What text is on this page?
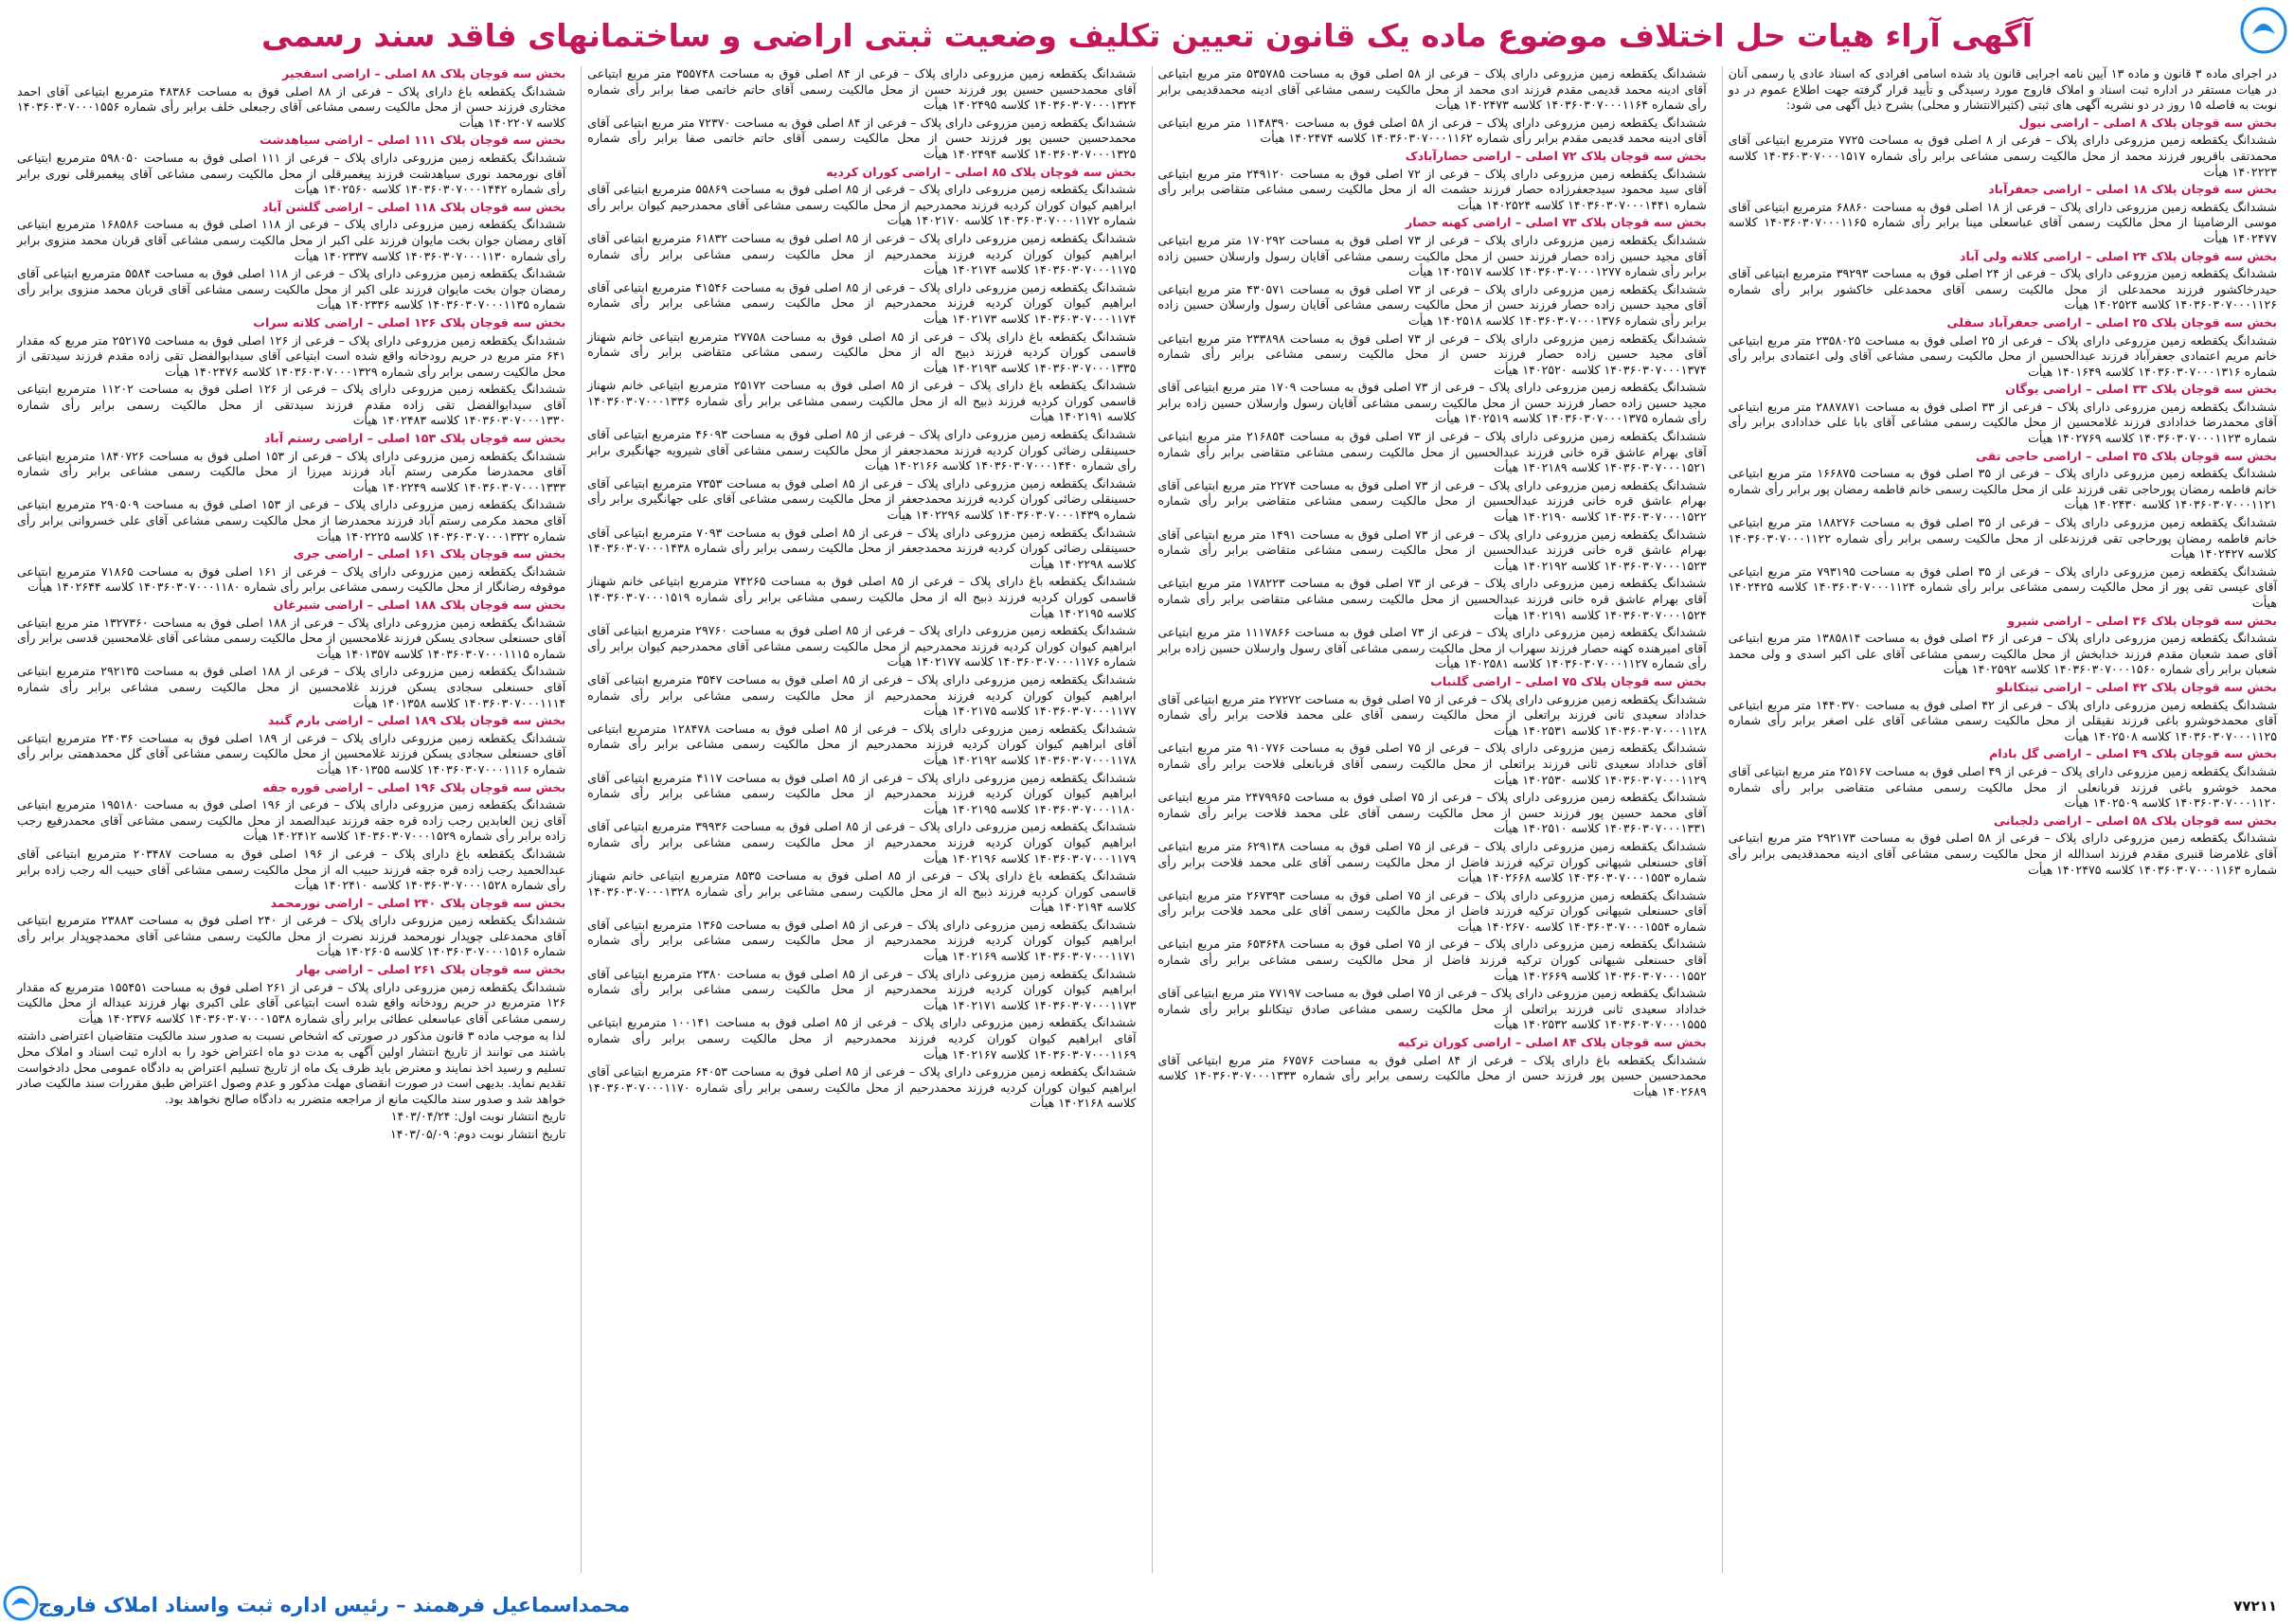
آگهی آراء هیات حل اختلاف موضوع ماده یک قانون تعیین تکلیف وضعیت ثبتی اراضی و ساختمانهای فاقد سند رسمی

در اجرای ماده ۳ قانون و ماده ۱۳ آیین نامه اجرایی قانون یاد شده اسامی افرادی که اسناد عادی یا رسمی آنان در هیات مستقر در اداره ثبت اسناد و املاک فاروج مورد رسیدگی و تأیید قرار گرفته جهت اطلاع عموم در دو نوبت به فاصله ۱۵ روز در دو نشریه آگهی های ثبتی (کثیرالانتشار و محلی) بشرح ذیل آگهی می شود:

بخش سه قوچان پلاک ۸ اصلی – اراضی نیول

ششدانگ یکقطعه زمین مزروعی دارای پلاک – فرعی از ۸ اصلی فوق به مساحت ۷۷۲۵ مترمربع ابتیاعی آقای محمدتقی باقرپور فرزند محمد از محل مالکیت رسمی مشاعی برابر رأی شماره ۱۴۰۳۶۰۳۰۷۰۰۰۱۵۱۷ کلاسه ۱۴۰۲۲۲۳ هیأت

بخش سه قوچان پلاک ۱۸ اصلی – اراضی جعفرآباد

ششدانگ یکقطعه زمین مزروعی دارای پلاک – فرعی از ۱۸ اصلی فوق به مساحت ۶۸۸۶۰ مترمربع ابتیاعی آقای موسی الرضامینا از محل مالکیت رسمی آقای عباسعلی مینا برابر رأی شماره ۱۴۰۳۶۰۳۰۷۰۰۰۱۱۶۵ کلاسه ۱۴۰۲۴۷۷ هیأت

بخش سه قوچان پلاک ۲۴ اصلی – اراضی کلاته ولی آباد

ششدانگ یکقطعه زمین مزروعی دارای پلاک – فرعی از ۲۴ اصلی فوق به مساحت ۳۹۲۹۳ مترمربع ابتیاعی آقای حیدرخاکشور فرزند محمدعلی از محل مالکیت رسمی آقای محمدعلی خاکشور برابر رأی شماره ۱۴۰۳۶۰۳۰۷۰۰۰۱۱۲۶ کلاسه ۱۴۰۲۵۲۴ هیأت

بخش سه قوچان پلاک ۲۵ اصلی – اراضی جعفرآباد سفلی

ششدانگ یکقطعه زمین مزروعی دارای پلاک – فرعی از ۲۵ اصلی فوق به مساحت ۲۳۵۸۰۲۵ متر مربع ابتیاعی خانم مریم اعتمادی جعفرآباد فرزند عبدالحسین از محل مالکیت رسمی مشاعی آقای ولی اعتمادی برابر رأی شماره ۱۴۰۳۶۰۳۰۷۰۰۰۱۳۱۶ کلاسه ۱۴۰۱۶۴۹ هیأت

بخش سه قوچان پلاک ۳۳ اصلی – اراضی یوگان

ششدانگ یکقطعه زمین مزروعی دارای پلاک – فرعی از ۳۳ اصلی فوق به مساحت ۲۸۸۷۸۷۱ متر مربع ابتیاعی آقای محمدرضا خدادادی فرزند غلامحسین از محل مالکیت رسمی مشاعی آقای بابا علی خدادادی برابر رأی شماره ۱۴۰۳۶۰۳۰۷۰۰۰۱۱۲۳ کلاسه ۱۴۰۲۷۶۹ هیأت

بخش سه قوچان پلاک ۳۵ اصلی – اراضی حاجی تقی

ششدانگ یکقطعه زمین مزروعی دارای پلاک – فرعی از ۳۵ اصلی فوق به مساحت ۱۶۶۸۷۵ متر مربع ابتیاعی خانم فاطمه رمضان پورحاجی تقی فرزند علی از محل مالکیت رسمی خانم فاطمه رمضان پور برابر رأی شماره ۱۴۰۳۶۰۳۰۷۰۰۰۱۱۲۱ کلاسه ۱۴۰۲۴۳۰ هیأت

ششدانگ یکقطعه زمین مزروعی دارای پلاک – فرعی از ۳۵ اصلی فوق به مساحت ۱۸۸۲۷۶ متر مربع ابتیاعی خانم فاطمه رمضان پورحاجی تقی فرزندعلی از محل مالکیت رسمی برابر رأی شماره ۱۴۰۳۶۰۳۰۷۰۰۰۱۱۲۲ کلاسه ۱۴۰۲۴۲۷ هیأت

ششدانگ یکقطعه زمین مزروعی دارای پلاک – فرعی از ۳۵ اصلی فوق به مساحت ۷۹۳۱۹۵ متر مربع ابتیاعی آقای عیسی تقی پور از محل مالکیت رسمی مشاعی برابر رأی شماره ۱۴۰۳۶۰۳۰۷۰۰۰۱۱۲۴ کلاسه ۱۴۰۲۴۲۵ هیأت

بخش سه قوچان پلاک ۳۶ اصلی – اراضی شیرو

ششدانگ یکقطعه زمین مزروعی دارای پلاک – فرعی از ۳۶ اصلی فوق به مساحت ۱۳۸۵۸۱۴ متر مربع ابتیاعی آقای صمد شعبان مقدم فرزند خدابخش از محل مالکیت رسمی مشاعی آقای علی اکبر اسدی و ولی محمد شعبان برابر رأی شماره ۱۴۰۳۶۰۳۰۷۰۰۰۱۵۶۰ کلاسه ۱۴۰۲۵۹۲ هیأت

بخش سه قوچان پلاک ۴۲ اصلی – اراضی تیتکانلو

ششدانگ یکقطعه زمین مزروعی دارای پلاک – فرعی از ۴۲ اصلی فوق به مساحت ۱۴۴۰۳۷۰ متر مربع ابتیاعی آقای محمدخوشرو باغی فرزند نقیقلی از محل مالکیت رسمی مشاعی آقای علی اصغر برابر رأی شماره ۱۴۰۳۶۰۳۰۷۰۰۰۱۱۲۵ کلاسه ۱۴۰۲۵۰۸ هیأت

بخش سه قوچان پلاک ۴۹ اصلی – اراضی گل بادام

ششدانگ یکقطعه زمین مزروعی دارای پلاک – فرعی از ۴۹ اصلی فوق به مساحت ۲۵۱۶۷ متر مربع ابتیاعی آقای محمد خوشرو باغی فرزند قربانعلی از محل مالکیت رسمی مشاعی متقاضی برابر رأی شماره ۱۴۰۳۶۰۳۰۷۰۰۰۱۱۲۰ کلاسه ۱۴۰۲۵۰۹ هیأت

بخش سه قوچان پلاک ۵۸ اصلی – اراضی دلجبانی

ششدانگ یکقطعه زمین مزروعی دارای پلاک – فرعی از ۵۸ اصلی فوق به مساحت ۲۹۲۱۷۳ متر مربع ابتیاعی آقای غلامرضا قنبری مقدم فرزند اسدالله از محل مالکیت رسمی مشاعی آقای ادینه محمدقدیمی برابر رأی شماره ۱۴۰۳۶۰۳۰۷۰۰۰۱۱۶۳ کلاسه ۱۴۰۲۴۷۵ هیأت

ششدانگ یکقطعه زمین مزروعی دارای پلاک – فرعی از ۵۸ اصلی فوق به مساحت ۵۳۵۷۸۵ متر مربع ابتیاعی آقای ادینه محمد قدیمی مقدم فرزند ادی محمد از محل مالکیت رسمی مشاعی آقای ادینه محمدقدیمی برابر رأی شماره ۱۴۰۳۶۰۳۰۷۰۰۰۱۱۶۴ کلاسه ۱۴۰۲۴۷۳ هیأت

ششدانگ یکقطعه زمین مزروعی دارای پلاک – فرعی از ۵۸ اصلی فوق به مساحت ۱۱۴۸۳۹۰ متر مربع ابتیاعی آقای ادینه محمد قدیمی مقدم برابر رأی شماره ۱۴۰۳۶۰۳۰۷۰۰۰۱۱۶۲ کلاسه ۱۴۰۲۴۷۴ هیأت

بخش سه قوچان پلاک ۷۲ اصلی – اراضی حصارآبادک

ششدانگ یکقطعه زمین مزروعی دارای پلاک – فرعی از ۷۲ اصلی فوق به مساحت ۲۴۹۱۲۰ متر مربع ابتیاعی آقای سید محمود سیدجعفرزاده حصار فرزند حشمت اله از محل مالکیت رسمی مشاعی متقاضی برابر رأی شماره ۱۴۰۳۶۰۳۰۷۰۰۰۱۴۴۱ کلاسه ۱۴۰۲۵۲۴ هیأت

بخش سه قوچان پلاک ۷۳ اصلی – اراضی کهنه حصار

ششدانگ یکقطعه زمین مزروعی دارای پلاک – فرعی از ۷۳ اصلی فوق به مساحت ۱۷۰۲۹۲ متر مربع ابتیاعی آقای مجید حسین زاده حصار فرزند حسن از محل مالکیت رسمی مشاعی آقایان رسول وارسلان حسین زاده برابر رأی شماره ۱۴۰۳۶۰۳۰۷۰۰۰۱۲۷۷ کلاسه ۱۴۰۲۵۱۷ هیأت

ششدانگ یکقطعه زمین مزروعی دارای پلاک – فرعی از ۷۳ اصلی فوق به مساحت ۴۳۰۵۷۱ متر مربع ابتیاعی آقای مجید حسین زاده حصار فرزند حسن از محل مالکیت رسمی مشاعی آقایان رسول وارسلان حسین زاده برابر رأی شماره ۱۴۰۳۶۰۳۰۷۰۰۰۱۳۷۶ کلاسه ۱۴۰۲۵۱۸ هیأت

ششدانگ یکقطعه زمین مزروعی دارای پلاک – فرعی از ۷۳ اصلی فوق به مساحت ۲۳۳۸۹۸ متر مربع ابتیاعی آقای مجید حسین زاده حصار فرزند حسن از محل مالکیت رسمی مشاعی برابر رأی شماره ۱۴۰۳۶۰۳۰۷۰۰۰۱۳۷۴ کلاسه ۱۴۰۲۵۲۰ هیأت

ششدانگ یکقطعه زمین مزروعی دارای پلاک – فرعی از ۷۳ اصلی فوق به مساحت ۱۷۰۹ متر مربع ابتیاعی آقای مجید حسین زاده حصار فرزند حسن از محل مالکیت رسمی مشاعی آقایان رسول وارسلان حسین زاده برابر رأی شماره ۱۴۰۳۶۰۳۰۷۰۰۰۱۳۷۵ کلاسه ۱۴۰۲۵۱۹ هیأت

ششدانگ یکقطعه زمین مزروعی دارای پلاک – فرعی از ۷۳ اصلی فوق به مساحت ۲۱۶۸۵۴ متر مربع ابتیاعی آقای بهرام عاشق قره خانی فرزند عبدالحسین از محل مالکیت رسمی مشاعی متقاضی برابر رأی شماره ۱۴۰۳۶۰۳۰۷۰۰۰۱۵۲۱ کلاسه ۱۴۰۲۱۸۹ هیأت

ششدانگ یکقطعه زمین مزروعی دارای پلاک – فرعی از ۷۳ اصلی فوق به مساحت ۲۲۷۴ متر مربع ابتیاعی آقای بهرام عاشق قره خانی فرزند عبدالحسین از محل مالکیت رسمی مشاعی متقاضی برابر رأی شماره ۱۴۰۳۶۰۳۰۷۰۰۰۱۵۲۲ کلاسه ۱۴۰۲۱۹۰ هیأت

ششدانگ یکقطعه زمین مزروعی دارای پلاک – فرعی از ۷۳ اصلی فوق به مساحت ۱۴۹۱ متر مربع ابتیاعی آقای بهرام عاشق قره خانی فرزند عبدالحسین از محل مالکیت رسمی مشاعی متقاضی برابر رأی شماره ۱۴۰۳۶۰۳۰۷۰۰۰۱۵۲۳ کلاسه ۱۴۰۲۱۹۲ هیأت

ششدانگ یکقطعه زمین مزروعی دارای پلاک – فرعی از ۷۳ اصلی فوق به مساحت ۱۷۸۲۲۳ متر مربع ابتیاعی آقای بهرام عاشق قره خانی فرزند عبدالحسین از محل مالکیت رسمی مشاعی متقاضی برابر رأی شماره ۱۴۰۳۶۰۳۰۷۰۰۰۱۵۲۴ کلاسه ۱۴۰۲۱۹۱ هیأت

ششدانگ یکقطعه زمین مزروعی دارای پلاک – فرعی از ۷۳ اصلی فوق به مساحت ۱۱۱۷۸۶۶ متر مربع ابتیاعی آقای امیرهنده کهنه حصار فرزند سهراب از محل مالکیت رسمی مشاعی آقای رسول وارسلان حسین زاده برابر رأی شماره ۱۴۰۳۶۰۳۰۷۰۰۰۱۱۲۷ کلاسه ۱۴۰۲۵۸۱ هیأت

بخش سه قوچان پلاک ۷۵ اصلی – اراضی گلنباب

ششدانگ یکقطعه زمین مزروعی دارای پلاک – فرعی از ۷۵ اصلی فوق به مساحت ۲۷۲۷۲ متر مربع ابتیاعی آقای خداداد سعیدی ثانی فرزند براتعلی از محل مالکیت رسمی آقای علی محمد فلاحت برابر رأی شماره ۱۴۰۳۶۰۳۰۷۰۰۰۱۱۲۸ کلاسه ۱۴۰۲۵۳۱ هیأت

ششدانگ یکقطعه زمین مزروعی دارای پلاک – فرعی از ۷۵ اصلی فوق به مساحت ۹۱۰۷۷۶ متر مربع ابتیاعی آقای خداداد سعیدی ثانی فرزند براتعلی از محل مالکیت رسمی آقای قربانعلی فلاحت برابر رأی شماره ۱۴۰۳۶۰۳۰۷۰۰۰۱۱۲۹ کلاسه ۱۴۰۲۵۳۰ هیأت

ششدانگ یکقطعه زمین مزروعی دارای پلاک – فرعی از ۷۵ اصلی فوق به مساحت ۲۴۷۹۹۶۵ متر مربع ابتیاعی آقای محمد حسین پور فرزند حسن از محل مالکیت رسمی آقای علی محمد فلاحت برابر رأی شماره ۱۴۰۳۶۰۳۰۷۰۰۰۱۳۳۱ کلاسه ۱۴۰۲۵۱۰ هیأت

ششدانگ یکقطعه زمین مزروعی دارای پلاک – فرعی از ۷۵ اصلی فوق به مساحت ۶۲۹۱۳۸ متر مربع ابتیاعی آقای حسنعلی شیهانی کوران ترکیه فرزند فاضل از محل مالکیت رسمی آقای علی محمد فلاحت برابر رأی شماره ۱۴۰۳۶۰۳۰۷۰۰۰۱۵۵۳ کلاسه ۱۴۰۲۶۶۸ هیأت

ششدانگ یکقطعه زمین مزروعی دارای پلاک – فرعی از ۷۵ اصلی فوق به مساحت ۲۶۷۳۹۳ متر مربع ابتیاعی آقای حسنعلی شیهانی کوران ترکیه فرزند فاضل از محل مالکیت رسمی آقای علی محمد فلاحت برابر رأی شماره ۱۴۰۳۶۰۳۰۷۰۰۰۱۵۵۴ کلاسه ۱۴۰۲۶۷۰ هیأت

ششدانگ یکقطعه زمین مزروعی دارای پلاک – فرعی از ۷۵ اصلی فوق به مساحت ۶۵۳۶۴۸ متر مربع ابتیاعی آقای حسنعلی شیهانی کوران ترکیه فرزند فاضل از محل مالکیت رسمی مشاعی برابر رأی شماره ۱۴۰۳۶۰۳۰۷۰۰۰۱۵۵۲ کلاسه ۱۴۰۲۶۶۹ هیأت

ششدانگ یکقطعه زمین مزروعی دارای پلاک – فرعی از ۷۵ اصلی فوق به مساحت ۷۷۱۹۷ متر مربع ابتیاعی آقای خداداد سعیدی ثانی فرزند براتعلی از محل مالکیت رسمی مشاعی صادق تیتکانلو برابر رأی شماره ۱۴۰۳۶۰۳۰۷۰۰۰۱۵۵۵ کلاسه ۱۴۰۲۵۳۲ هیأت

بخش سه قوچان پلاک ۸۴ اصلی – اراضی کوران ترکیه

ششدانگ یکقطعه باغ دارای پلاک – فرعی از ۸۴ اصلی فوق به مساحت ۶۷۵۷۶ متر مربع ابتیاعی آقای محمدحسین حسین پور فرزند حسن از محل مالکیت رسمی برابر رأی شماره ۱۴۰۳۶۰۳۰۷۰۰۰۱۳۳۳ کلاسه ۱۴۰۲۶۸۹ هیأت

ششدانگ یکقطعه زمین مزروعی دارای پلاک – فرعی از ۸۴ اصلی فوق به مساحت ۳۵۵۷۴۸ متر مربع ابتیاعی آقای محمدحسین حسین پور فرزند حسن از محل مالکیت رسمی آقای حاتم خاتمی صفا برابر رأی شماره ۱۴۰۳۶۰۳۰۷۰۰۰۱۳۲۴ کلاسه ۱۴۰۲۴۹۵ هیأت

ششدانگ یکقطعه زمین مزروعی دارای پلاک – فرعی از ۸۴ اصلی فوق به مساحت ۷۲۳۷۰ متر مربع ابتیاعی آقای محمدحسین حسین پور فرزند حسن از محل مالکیت رسمی آقای حاتم خاتمی صفا برابر رأی شماره ۱۴۰۳۶۰۳۰۷۰۰۰۱۳۲۵ کلاسه ۱۴۰۲۴۹۴ هیأت

بخش سه قوچان پلاک ۸۵ اصلی – اراضی کوران کردیه

ششدانگ یکقطعه زمین مزروعی دارای پلاک – فرعی از ۸۵ اصلی فوق به مساحت ۵۵۸۶۹ مترمربع ابتیاعی آقای ابراهیم کیوان کوران کردیه فرزند محمدرحیم از محل مالکیت رسمی مشاعی آقای محمدرحیم کیوان برابر رأی شماره ۱۴۰۳۶۰۳۰۷۰۰۰۱۱۷۲ کلاسه ۱۴۰۲۱۷۰ هیأت

ششدانگ یکقطعه زمین مزروعی دارای پلاک – فرعی از ۸۵ اصلی فوق به مساحت ۶۱۸۳۲ مترمربع ابتیاعی آقای ابراهیم کیوان کوران کردیه فرزند محمدرحیم از محل مالکیت رسمی مشاعی برابر رأی شماره ۱۴۰۳۶۰۳۰۷۰۰۰۱۱۷۵ کلاسه ۱۴۰۲۱۷۴ هیأت

ششدانگ یکقطعه زمین مزروعی دارای پلاک – فرعی از ۸۵ اصلی فوق به مساحت ۴۱۵۴۶ مترمربع ابتیاعی آقای ابراهیم کیوان کوران کردیه فرزند محمدرحیم از محل مالکیت رسمی مشاعی برابر رأی شماره ۱۴۰۳۶۰۳۰۷۰۰۰۱۱۷۴ کلاسه ۱۴۰۲۱۷۳ هیأت

ششدانگ یکقطعه باغ دارای پلاک – فرعی از ۸۵ اصلی فوق به مساحت ۲۷۷۵۸ مترمربع ابتیاعی خانم شهناز قاسمی کوران کردیه فرزند ذبیح اله از محل مالکیت رسمی مشاعی متقاضی برابر رأی شماره ۱۴۰۳۶۰۳۰۷۰۰۰۱۳۳۵ کلاسه ۱۴۰۲۱۹۳ هیأت

ششدانگ یکقطعه باغ دارای پلاک – فرعی از ۸۵ اصلی فوق به مساحت ۲۵۱۷۲ مترمربع ابتیاعی خانم شهناز قاسمی کوران کردیه فرزند ذبیح اله از محل مالکیت رسمی مشاعی برابر رأی شماره ۱۴۰۳۶۰۳۰۷۰۰۰۱۳۳۶ کلاسه ۱۴۰۲۱۹۱ هیأت

ششدانگ یکقطعه زمین مزروعی دارای پلاک – فرعی از ۸۵ اصلی فوق به مساحت ۴۶۰۹۳ مترمربع ابتیاعی آقای حسینقلی رضائی کوران کردیه فرزند محمدجعفر از محل مالکیت رسمی مشاعی آقای شیرویه جهانگیری برابر رأی شماره ۱۴۰۳۶۰۳۰۷۰۰۰۱۴۴۰ کلاسه ۱۴۰۲۱۶۶ هیأت

ششدانگ یکقطعه زمین مزروعی دارای پلاک – فرعی از ۸۵ اصلی فوق به مساحت ۷۳۵۳ مترمربع ابتیاعی آقای حسینقلی رضائی کوران کردیه فرزند محمدجعفر از محل مالکیت رسمی مشاعی آقای علی جهانگیری برابر رأی شماره ۱۴۰۳۶۰۳۰۷۰۰۰۱۴۳۹ کلاسه ۱۴۰۲۲۹۶ هیأت

ششدانگ یکقطعه زمین مزروعی دارای پلاک – فرعی از ۸۵ اصلی فوق به مساحت ۷۰۹۳ مترمربع ابتیاعی آقای حسینقلی رضائی کوران کردیه فرزند محمدجعفر از محل مالکیت رسمی برابر رأی شماره ۱۴۰۳۶۰۳۰۷۰۰۰۱۴۳۸ کلاسه ۱۴۰۲۲۹۸ هیأت

ششدانگ یکقطعه باغ دارای پلاک – فرعی از ۸۵ اصلی فوق به مساحت ۷۴۲۶۵ مترمربع ابتیاعی خانم شهناز قاسمی کوران کردیه فرزند ذبیح اله از محل مالکیت رسمی مشاعی برابر رأی شماره ۱۴۰۳۶۰۳۰۷۰۰۰۱۵۱۹ کلاسه ۱۴۰۲۱۹۵ هیأت

ششدانگ یکقطعه زمین مزروعی دارای پلاک – فرعی از ۸۵ اصلی فوق به مساحت ۲۹۷۶۰ مترمربع ابتیاعی آقای ابراهیم کیوان کوران کردیه فرزند محمدرحیم از محل مالکیت رسمی مشاعی آقای محمدرحیم کیوان برابر رأی شماره ۱۴۰۳۶۰۳۰۷۰۰۰۱۱۷۶ کلاسه ۱۴۰۲۱۷۷ هیأت

ششدانگ یکقطعه زمین مزروعی دارای پلاک – فرعی از ۸۵ اصلی فوق به مساحت ۳۵۴۷ مترمربع ابتیاعی آقای ابراهیم کیوان کوران کردیه فرزند محمدرحیم از محل مالکیت رسمی مشاعی برابر رأی شماره ۱۴۰۳۶۰۳۰۷۰۰۰۱۱۷۷ کلاسه ۱۴۰۲۱۷۵ هیأت

ششدانگ یکقطعه زمین مزروعی دارای پلاک – فرعی از ۸۵ اصلی فوق به مساحت ۱۲۸۴۷۸ مترمربع ابتیاعی آقای ابراهیم کیوان کوران کردیه فرزند محمدرحیم از محل مالکیت رسمی مشاعی برابر رأی شماره ۱۴۰۳۶۰۳۰۷۰۰۰۱۱۷۸ کلاسه ۱۴۰۲۱۹۲ هیأت

ششدانگ یکقطعه زمین مزروعی دارای پلاک – فرعی از ۸۵ اصلی فوق به مساحت ۴۱۱۷ مترمربع ابتیاعی آقای ابراهیم کیوان کوران کردیه فرزند محمدرحیم از محل مالکیت رسمی مشاعی برابر رأی شماره ۱۴۰۳۶۰۳۰۷۰۰۰۱۱۸۰ کلاسه ۱۴۰۲۱۹۵ هیأت

ششدانگ یکقطعه زمین مزروعی دارای پلاک – فرعی از ۸۵ اصلی فوق به مساحت ۳۹۹۳۶ مترمربع ابتیاعی آقای ابراهیم کیوان کوران کردیه فرزند محمدرحیم از محل مالکیت رسمی مشاعی برابر رأی شماره ۱۴۰۳۶۰۳۰۷۰۰۰۱۱۷۹ کلاسه ۱۴۰۲۱۹۶ هیأت

ششدانگ یکقطعه باغ دارای پلاک – فرعی از ۸۵ اصلی فوق به مساحت ۸۵۳۵ مترمربع ابتیاعی خانم شهناز قاسمی کوران کردیه فرزند ذبیح اله از محل مالکیت رسمی مشاعی برابر رأی شماره ۱۴۰۳۶۰۳۰۷۰۰۰۱۳۲۸ کلاسه ۱۴۰۲۱۹۴ هیأت

ششدانگ یکقطعه زمین مزروعی دارای پلاک – فرعی از ۸۵ اصلی فوق به مساحت ۱۳۶۵ مترمربع ابتیاعی آقای ابراهیم کیوان کوران کردیه فرزند محمدرحیم از محل مالکیت رسمی مشاعی برابر رأی شماره ۱۴۰۳۶۰۳۰۷۰۰۰۱۱۷۱ کلاسه ۱۴۰۲۱۶۹ هیأت

ششدانگ یکقطعه زمین مزروعی دارای پلاک – فرعی از ۸۵ اصلی فوق به مساحت ۲۳۸۰ مترمربع ابتیاعی آقای ابراهیم کیوان کوران کردیه فرزند محمدرحیم از محل مالکیت رسمی مشاعی برابر رأی شماره ۱۴۰۳۶۰۳۰۷۰۰۰۱۱۷۳ کلاسه ۱۴۰۲۱۷۱ هیأت

ششدانگ یکقطعه زمین مزروعی دارای پلاک – فرعی از ۸۵ اصلی فوق به مساحت ۱۰۰۱۴۱ مترمربع ابتیاعی آقای ابراهیم کیوان کوران کردیه فرزند محمدرحیم از محل مالکیت رسمی برابر رأی شماره ۱۴۰۳۶۰۳۰۷۰۰۰۱۱۶۹ کلاسه ۱۴۰۲۱۶۷ هیأت

ششدانگ یکقطعه زمین مزروعی دارای پلاک – فرعی از ۸۵ اصلی فوق به مساحت ۶۴۰۵۳ مترمربع ابتیاعی آقای ابراهیم کیوان کوران کردیه فرزند محمدرحیم از محل مالکیت رسمی برابر رأی شماره ۱۴۰۳۶۰۳۰۷۰۰۰۱۱۷۰ کلاسه ۱۴۰۲۱۶۸ هیأت

بخش سه قوچان پلاک ۸۸ اصلی – اراضی اسفجیر

ششدانگ یکقطعه باغ دارای پلاک – فرعی از ۸۸ اصلی فوق به مساحت ۴۸۳۸۶ مترمربع ابتیاعی آقای احمد مختاری فرزند حسن از محل مالکیت رسمی مشاعی آقای رجبعلی خلف برابر رأی شماره ۱۴۰۳۶۰۳۰۷۰۰۰۱۵۵۶ کلاسه ۱۴۰۲۲۰۷ هیأت

بخش سه قوچان پلاک ۱۱۱ اصلی – اراضی سیاهدشت

ششدانگ یکقطعه زمین مزروعی دارای پلاک – فرعی از ۱۱۱ اصلی فوق به مساحت ۵۹۸۰۵۰ مترمربع ابتیاعی آقای نورمحمد نوری سیاهدشت فرزند پیغمبرقلی از محل مالکیت رسمی مشاعی آقای پیغمبرقلی نوری برابر رأی شماره ۱۴۰۳۶۰۳۰۷۰۰۰۱۴۴۲ کلاسه ۱۴۰۲۵۶۰ هیأت

بخش سه قوچان پلاک ۱۱۸ اصلی – اراضی گلشن آباد

ششدانگ یکقطعه زمین مزروعی دارای پلاک – فرعی از ۱۱۸ اصلی فوق به مساحت ۱۶۸۵۸۶ مترمربع ابتیاعی آقای رمضان جوان بخت مایوان فرزند علی اکبر از محل مالکیت رسمی مشاعی آقای قربان محمد منزوی برابر رأی شماره ۱۴۰۳۶۰۳۰۷۰۰۰۱۱۳۰ کلاسه ۱۴۰۲۳۳۷ هیأت

ششدانگ یکقطعه زمین مزروعی دارای پلاک – فرعی از ۱۱۸ اصلی فوق به مساحت ۵۵۸۴ مترمربع ابتیاعی آقای رمضان جوان بخت مایوان فرزند علی اکبر از محل مالکیت رسمی مشاعی آقای قربان محمد منزوی برابر رأی شماره ۱۴۰۳۶۰۳۰۷۰۰۰۱۱۳۵ کلاسه ۱۴۰۲۳۳۶ هیأت

بخش سه قوچان پلاک ۱۲۶ اصلی – اراضی کلاته سراب

ششدانگ یکقطعه زمین مزروعی دارای پلاک – فرعی از ۱۲۶ اصلی فوق به مساحت ۲۵۲۱۷۵ متر مربع که مقدار ۶۴۱ متر مربع در حریم رودخانه واقع شده است ابتیاعی آقای سیدابوالفضل تقی زاده مقدم فرزند سیدتقی از محل مالکیت رسمی برابر رأی شماره ۱۴۰۳۶۰۳۰۷۰۰۰۱۳۲۹ کلاسه ۱۴۰۲۴۷۶ هیأت

ششدانگ یکقطعه زمین مزروعی دارای پلاک – فرعی از ۱۲۶ اصلی فوق به مساحت ۱۱۲۰۲ مترمربع ابتیاعی آقای سیدابوالفضل تقی زاده مقدم فرزند سیدتقی از محل مالکیت رسمی برابر رأی شماره ۱۴۰۳۶۰۳۰۷۰۰۰۱۳۳۰ کلاسه ۱۴۰۲۴۸۳ هیأت

بخش سه قوچان پلاک ۱۵۳ اصلی – اراضی رستم آباد

ششدانگ یکقطعه زمین مزروعی دارای پلاک – فرعی از ۱۵۳ اصلی فوق به مساحت ۱۸۴۰۷۲۶ مترمربع ابتیاعی آقای محمدرضا مکرمی رستم آباد فرزند میرزا از محل مالکیت رسمی مشاعی برابر رأی شماره ۱۴۰۳۶۰۳۰۷۰۰۰۱۳۳۳ کلاسه ۱۴۰۲۲۴۹ هیأت

ششدانگ یکقطعه زمین مزروعی دارای پلاک – فرعی از ۱۵۳ اصلی فوق به مساحت ۲۹۰۵۰۹ مترمربع ابتیاعی آقای محمد مکرمی رستم آباد فرزند محمدرضا از محل مالکیت رسمی مشاعی آقای علی خسروانی برابر رأی شماره ۱۴۰۳۶۰۳۰۷۰۰۰۱۳۳۲ کلاسه ۱۴۰۲۲۲۵ هیأت

بخش سه قوچان پلاک ۱۶۱ اصلی – اراضی جری

ششدانگ یکقطعه زمین مزروعی دارای پلاک – فرعی از ۱۶۱ اصلی فوق به مساحت ۷۱۸۶۵ مترمربع ابتیاعی موقوفه رضانگار از محل مالکیت رسمی مشاعی برابر رأی شماره ۱۴۰۳۶۰۳۰۷۰۰۰۱۱۸۰ کلاسه ۱۴۰۲۶۴۴ هیأت

بخش سه قوچان پلاک ۱۸۸ اصلی – اراضی شیرغان

ششدانگ یکقطعه زمین مزروعی دارای پلاک – فرعی از ۱۸۸ اصلی فوق به مساحت ۱۳۲۷۳۶۰ متر مربع ابتیاعی آقای حسنعلی سجادی یسکن فرزند غلامحسین از محل مالکیت رسمی مشاعی آقای غلامحسین قدسی برابر رأی شماره ۱۴۰۳۶۰۳۰۷۰۰۰۱۱۱۵ کلاسه ۱۴۰۱۳۵۷ هیأت

ششدانگ یکقطعه زمین مزروعی دارای پلاک – فرعی از ۱۸۸ اصلی فوق به مساحت ۲۹۲۱۳۵ مترمربع ابتیاعی آقای حسنعلی سجادی یسکن فرزند غلامحسین از محل مالکیت رسمی مشاعی برابر رأی شماره ۱۴۰۳۶۰۳۰۷۰۰۰۱۱۱۴ کلاسه ۱۴۰۱۳۵۸ هیأت

بخش سه قوچان پلاک ۱۸۹ اصلی – اراضی بارم گنبد

ششدانگ یکقطعه زمین مزروعی دارای پلاک – فرعی از ۱۸۹ اصلی فوق به مساحت ۲۴۰۳۶ مترمربع ابتیاعی آقای حسنعلی سجادی یسکن فرزند غلامحسین از محل مالکیت رسمی مشاعی آقای گل محمدهمتی برابر رأی شماره ۱۴۰۳۶۰۳۰۷۰۰۰۱۱۱۶ کلاسه ۱۴۰۱۳۵۵ هیأت

بخش سه قوچان پلاک ۱۹۶ اصلی – اراضی قوره جقه

ششدانگ یکقطعه زمین مزروعی دارای پلاک – فرعی از ۱۹۶ اصلی فوق به مساحت ۱۹۵۱۸۰ مترمربع ابتیاعی آقای زین العابدین رجب زاده قره جقه فرزند عبدالصمد از محل مالکیت رسمی مشاعی آقای محمدرفیع رجب زاده برابر رأی شماره ۱۴۰۳۶۰۳۰۷۰۰۰۱۵۲۹ کلاسه ۱۴۰۲۴۱۲ هیأت

ششدانگ یکقطعه باغ دارای پلاک – فرعی از ۱۹۶ اصلی فوق به مساحت ۲۰۳۴۸۷ مترمربع ابتیاعی آقای عبدالحمید رجب زاده قره جقه فرزند حبیب اله از محل مالکیت رسمی مشاعی آقای حبیب اله رجب زاده برابر رأی شماره ۱۴۰۳۶۰۳۰۷۰۰۰۱۵۲۸ کلاسه ۱۴۰۲۴۱۰ هیأت

بخش سه قوچان پلاک ۲۴۰ اصلی – اراضی نورمحمد

ششدانگ یکقطعه زمین مزروعی دارای پلاک – فرعی از ۲۴۰ اصلی فوق به مساحت ۲۳۸۸۳ مترمربع ابتیاعی آقای محمدعلی چوپدار نورمحمد فرزند نصرت از محل مالکیت رسمی مشاعی آقای محمدچوپدار برابر رأی شماره ۱۴۰۳۶۰۳۰۷۰۰۰۱۵۱۶ کلاسه ۱۴۰۲۶۰۵ هیأت

بخش سه قوچان پلاک ۲۶۱ اصلی – اراضی بهار

ششدانگ یکقطعه زمین مزروعی دارای پلاک – فرعی از ۲۶۱ اصلی فوق به مساحت ۱۵۵۴۵۱ مترمربع که مقدار ۱۲۶ مترمربع در حریم رودخانه واقع شده است ابتیاعی آقای علی اکبری بهار فرزند عبداله از محل مالکیت رسمی مشاعی آقای عباسعلی عطائی برابر رأی شماره ۱۴۰۳۶۰۳۰۷۰۰۰۱۵۳۸ کلاسه ۱۴۰۲۳۷۶ هیأت

لذا به موجب ماده ۳ قانون مذکور در صورتی که اشخاص نسبت به صدور سند مالکیت متقاضیان اعتراضی داشته باشند می توانند از تاریخ انتشار اولین آگهی به مدت دو ماه اعتراض خود را به اداره ثبت اسناد و املاک محل تسلیم و رسید اخذ نمایند و معترض باید ظرف یک ماه از تاریخ تسلیم اعتراض به دادگاه عمومی محل دادخواست تقدیم نماید. بدیهی است در صورت انقضای مهلت مذکور و عدم وصول اعتراض طبق مقررات سند مالکیت صادر خواهد شد و صدور سند مالکیت مانع از مراجعه متضرر به دادگاه صالح نخواهد بود.

تاریخ انتشار نوبت اول: ۱۴۰۳/۰۴/۲۴

تاریخ انتشار نوبت دوم: ۱۴۰۳/۰۵/۰۹

۷۷۲۱۱
محمداسماعیل فرهمند – رئیس اداره ثبت واسناد املاک فاروج
